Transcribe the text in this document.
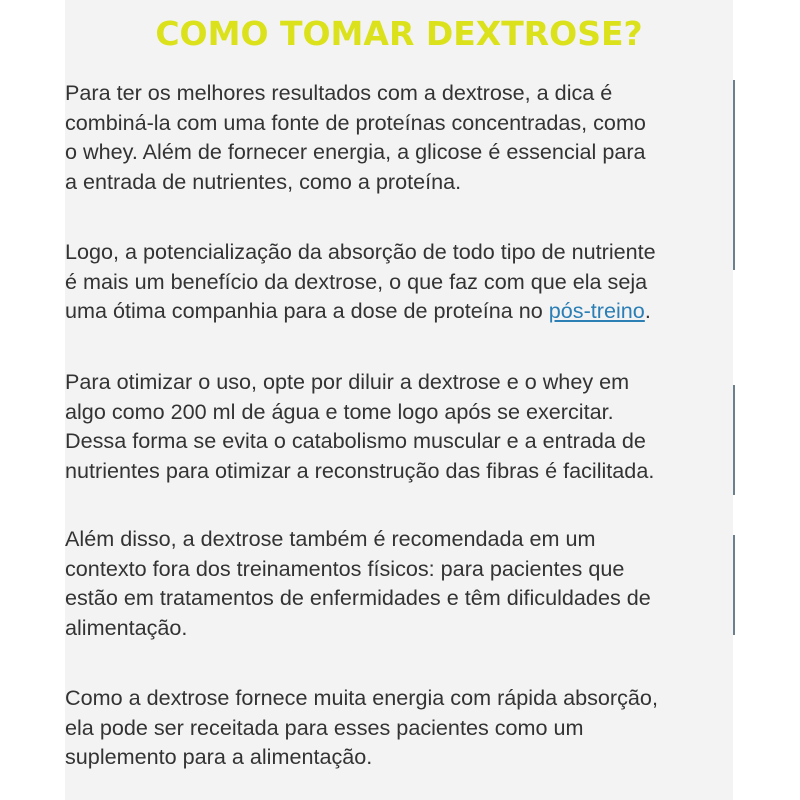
COMO TOMAR DEXTROSE?

Para ter os melhores resultados com a dextrose, a dica é
combiná-la com uma fonte de proteínas concentradas, como
o whey. Além de fornecer energia, a glicose é essencial para
a entrada de nutrientes, como a proteína.

Logo, a potencialização da absorção de todo tipo de nutriente
é mais um benefício da dextrose, o que faz com que ela seja
uma ótima companhia para a dose de proteína no pós-treino.

Para otimizar o uso, opte por diluir a dextrose e o whey em
algo como 200 ml de água e tome logo após se exercitar.
Dessa forma se evita o catabolismo muscular e a entrada de
nutrientes para otimizar a reconstrução das fibras é facilitada.

Além disso, a dextrose também é recomendada em um
contexto fora dos treinamentos físicos: para pacientes que
estão em tratamentos de enfermidades e têm dificuldades de
alimentação.

Como a dextrose fornece muita energia com rápida absorção,
ela pode ser receitada para esses pacientes como um
suplemento para a alimentação.
